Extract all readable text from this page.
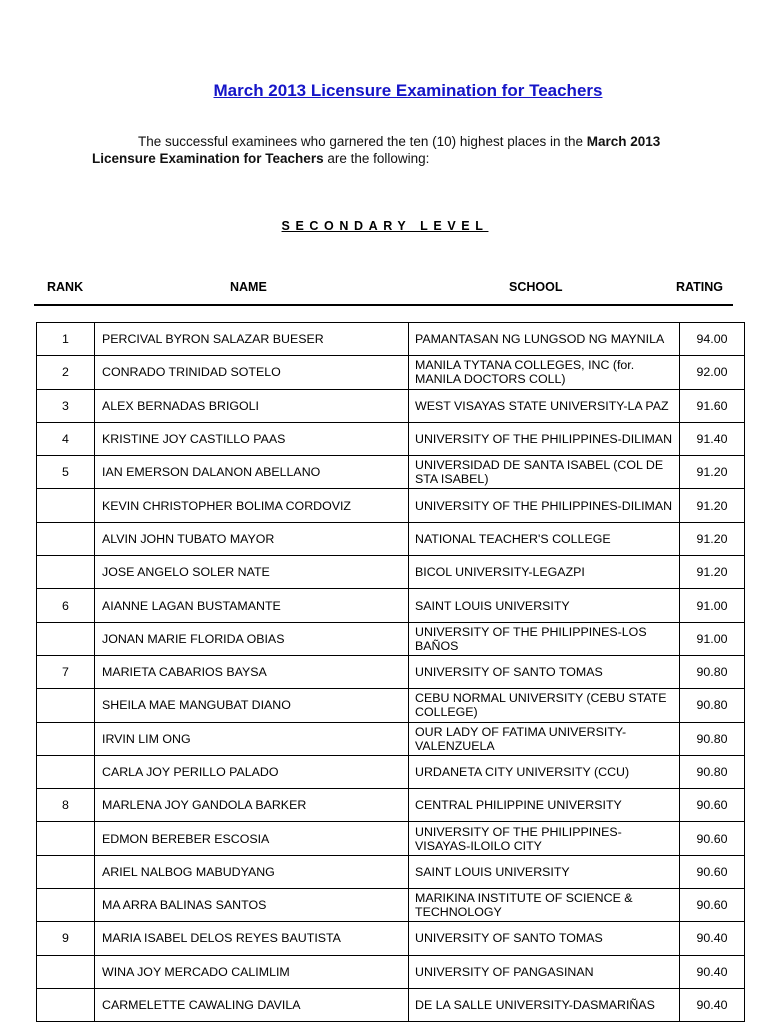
March 2013 Licensure Examination for Teachers
The successful examinees who garnered the ten (10) highest places in the March 2013 Licensure Examination for Teachers are the following:
SECONDARY LEVEL
RANK	NAME	SCHOOL	RATING
1	PERCIVAL BYRON SALAZAR BUESER	PAMANTASAN NG LUNGSOD NG MAYNILA	94.00
2	CONRADO TRINIDAD SOTELO	MANILA TYTANA COLLEGES, INC (for. MANILA DOCTORS COLL)	92.00
3	ALEX BERNADAS BRIGOLI	WEST VISAYAS STATE UNIVERSITY-LA PAZ	91.60
4	KRISTINE JOY CASTILLO PAAS	UNIVERSITY OF THE PHILIPPINES-DILIMAN	91.40
5	IAN EMERSON DALANON ABELLANO	UNIVERSIDAD DE SANTA ISABEL (COL DE STA ISABEL)	91.20
	KEVIN CHRISTOPHER BOLIMA CORDOVIZ	UNIVERSITY OF THE PHILIPPINES-DILIMAN	91.20
	ALVIN JOHN TUBATO MAYOR	NATIONAL TEACHER'S COLLEGE	91.20
	JOSE ANGELO SOLER NATE	BICOL UNIVERSITY-LEGAZPI	91.20
6	AIANNE LAGAN BUSTAMANTE	SAINT LOUIS UNIVERSITY	91.00
	JONAN MARIE FLORIDA OBIAS	UNIVERSITY OF THE PHILIPPINES-LOS BAÑOS	91.00
7	MARIETA CABARIOS BAYSA	UNIVERSITY OF SANTO TOMAS	90.80
	SHEILA MAE MANGUBAT DIANO	CEBU NORMAL UNIVERSITY (CEBU STATE COLLEGE)	90.80
	IRVIN LIM ONG	OUR LADY OF FATIMA UNIVERSITY-VALENZUELA	90.80
	CARLA JOY PERILLO PALADO	URDANETA CITY UNIVERSITY (CCU)	90.80
8	MARLENA JOY GANDOLA BARKER	CENTRAL PHILIPPINE UNIVERSITY	90.60
	EDMON BEREBER ESCOSIA	UNIVERSITY OF THE PHILIPPINES-VISAYAS-ILOILO CITY	90.60
	ARIEL NALBOG MABUDYANG	SAINT LOUIS UNIVERSITY	90.60
	MA ARRA BALINAS SANTOS	MARIKINA INSTITUTE OF SCIENCE & TECHNOLOGY	90.60
9	MARIA ISABEL DELOS REYES BAUTISTA	UNIVERSITY OF SANTO TOMAS	90.40
	WINA JOY MERCADO CALIMLIM	UNIVERSITY OF PANGASINAN	90.40
	CARMELETTE CAWALING DAVILA	DE LA SALLE UNIVERSITY-DASMARIÑAS	90.40
